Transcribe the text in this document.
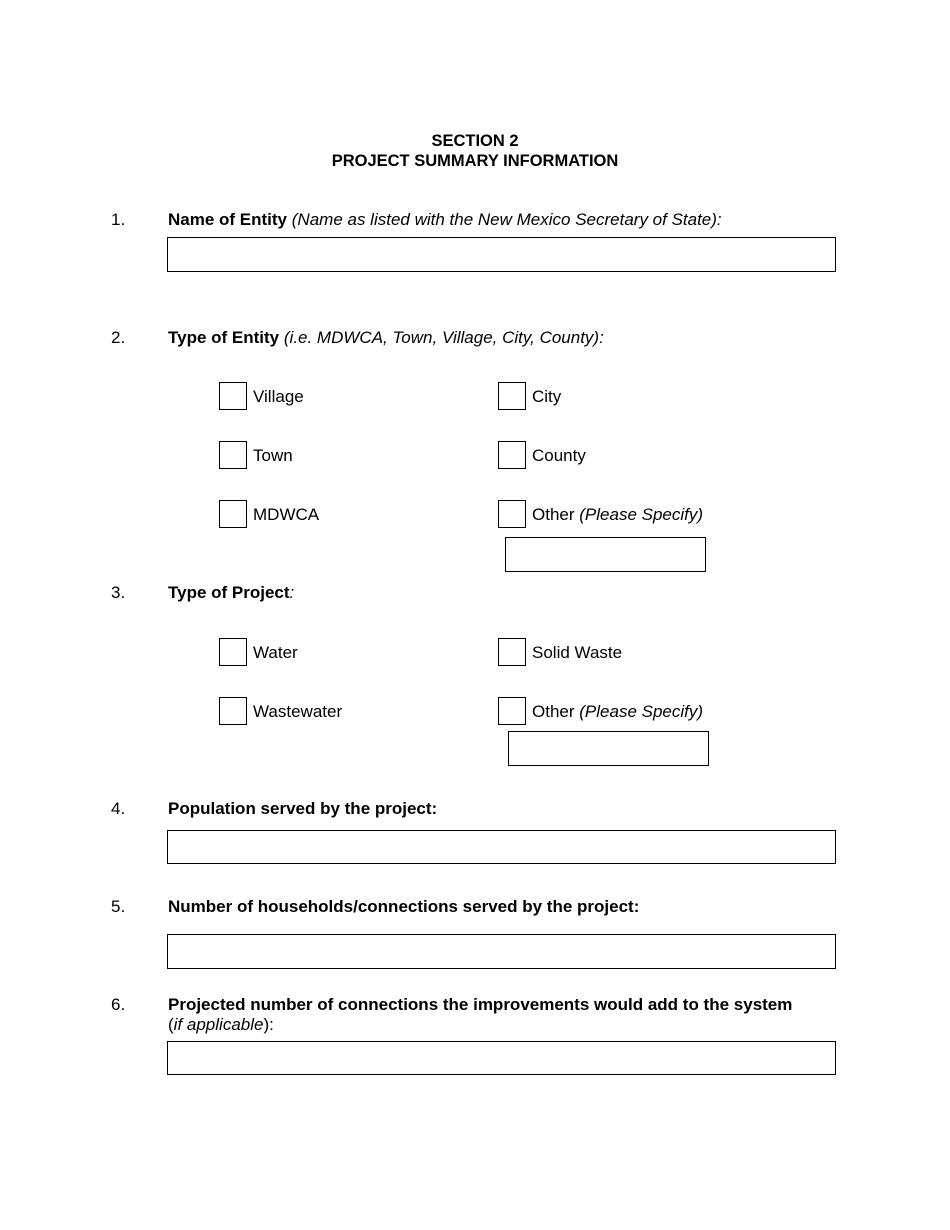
SECTION 2
PROJECT SUMMARY INFORMATION
1.	Name of Entity (Name as listed with the New Mexico Secretary of State):
2.	Type of Entity (i.e. MDWCA, Town, Village, City, County):
Village	City
Town	County
MDWCA	Other (Please Specify)
3.	Type of Project:
Water	Solid Waste
Wastewater	Other (Please Specify)
4.	Population served by the project:
5.	Number of households/connections served by the project:
6.	Projected number of connections the improvements would add to the system
(if applicable):
